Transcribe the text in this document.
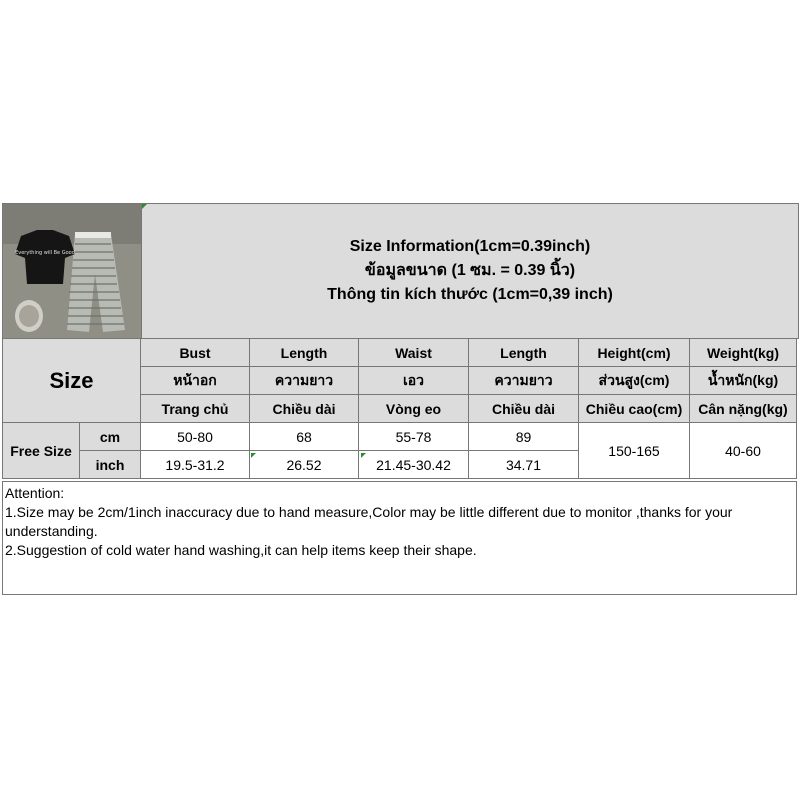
Everything will Be Good	Size Information(1cm=0.39inch)
ข้อมูลขนาด (1 ซม. = 0.39 นิ้ว)
Thông tin kích thước (1cm=0,39 inch)
Size		Bust	Length	Waist	Length	Height(cm)	Weight(kg)
		หน้าอก	ความยาว	เอว	ความยาว	ส่วนสูง(cm)	น้ำหนัก(kg)
		Trang chủ	Chiều dài	Vòng eo	Chiều dài	Chiều cao(cm)	Cân nặng(kg)
Free Size	cm	50-80	68	55-78	89	150-165	40-60
	inch	19.5-31.2	26.52	21.45-30.42	34.71		
Attention:
1.Size may be 2cm/1inch inaccuracy due to hand measure,Color may be little different due to monitor ,thanks for your understanding.
2.Suggestion of cold water hand washing,it can help items keep their shape.
